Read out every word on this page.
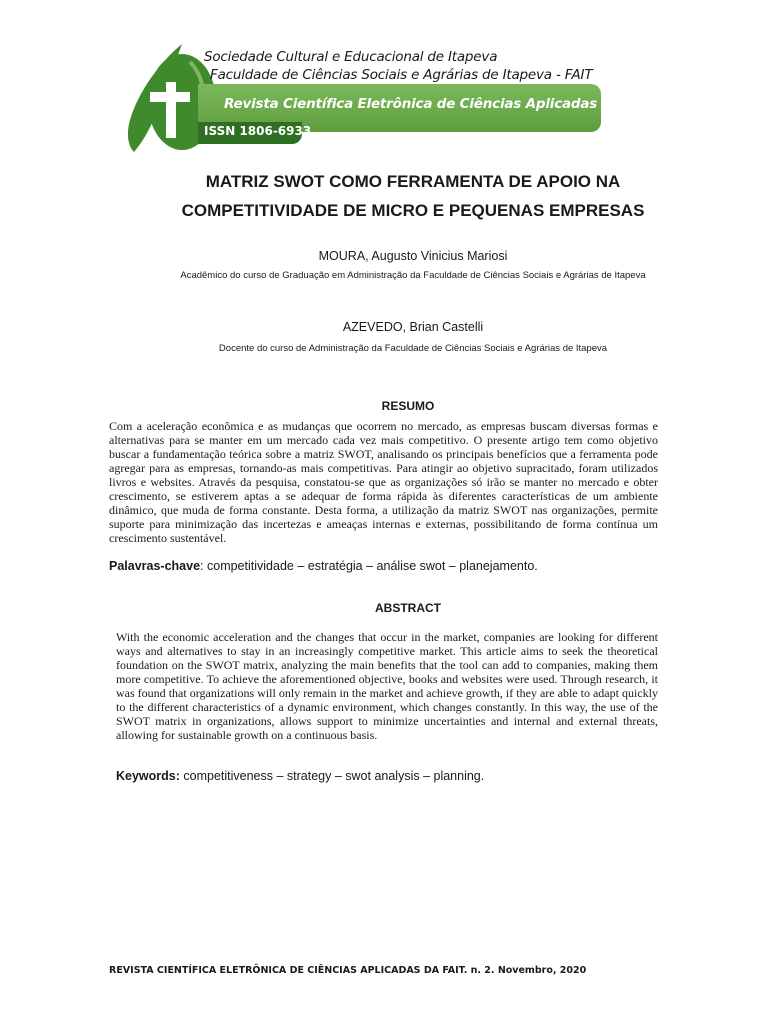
Sociedade Cultural e Educacional de Itapeva
Faculdade de Ciências Sociais e Agrárias de Itapeva - FAIT
Revista Científica Eletrônica de Ciências Aplicadas da FAIT
ISSN 1806-6933
MATRIZ SWOT COMO FERRAMENTA DE APOIO NA
COMPETITIVIDADE DE MICRO E PEQUENAS EMPRESAS
MOURA, Augusto Vinicius Mariosi
Acadêmico do curso de Graduação em Administração da Faculdade de Ciências Sociais e Agrárias de Itapeva
AZEVEDO, Brian Castelli
Docente do curso de Administração da Faculdade de Ciências Sociais e Agrárias de Itapeva
RESUMO
Com a aceleração econômica e as mudanças que ocorrem no mercado, as empresas buscam diversas formas e alternativas para se manter em um mercado cada vez mais competitivo. O presente artigo tem como objetivo buscar a fundamentação teórica sobre a matriz SWOT, analisando os principais benefícios que a ferramenta pode agregar para as empresas, tornando-as mais competitivas. Para atingir ao objetivo supracitado, foram utilizados livros e websites. Através da pesquisa, constatou-se que as organizações só irão se manter no mercado e obter crescimento, se estiverem aptas a se adequar de forma rápida às diferentes características de um ambiente dinâmico, que muda de forma constante. Desta forma, a utilização da matriz SWOT nas organizações, permite suporte para minimização das incertezas e ameaças internas e externas, possibilitando de forma contínua um crescimento sustentável.
Palavras-chave: competitividade – estratégia – análise swot – planejamento.
ABSTRACT
With the economic acceleration and the changes that occur in the market, companies are looking for different ways and alternatives to stay in an increasingly competitive market. This article aims to seek the theoretical foundation on the SWOT matrix, analyzing the main benefits that the tool can add to companies, making them more competitive. To achieve the aforementioned objective, books and websites were used. Through research, it was found that organizations will only remain in the market and achieve growth, if they are able to adapt quickly to the different characteristics of a dynamic environment, which changes constantly. In this way, the use of the SWOT matrix in organizations, allows support to minimize uncertainties and internal and external threats, allowing for sustainable growth on a continuous basis.
Keywords: competitiveness – strategy – swot analysis – planning.
REVISTA CIENTÍFICA ELETRÔNICA DE CIÊNCIAS APLICADAS DA FAIT. n. 2. Novembro, 2020
